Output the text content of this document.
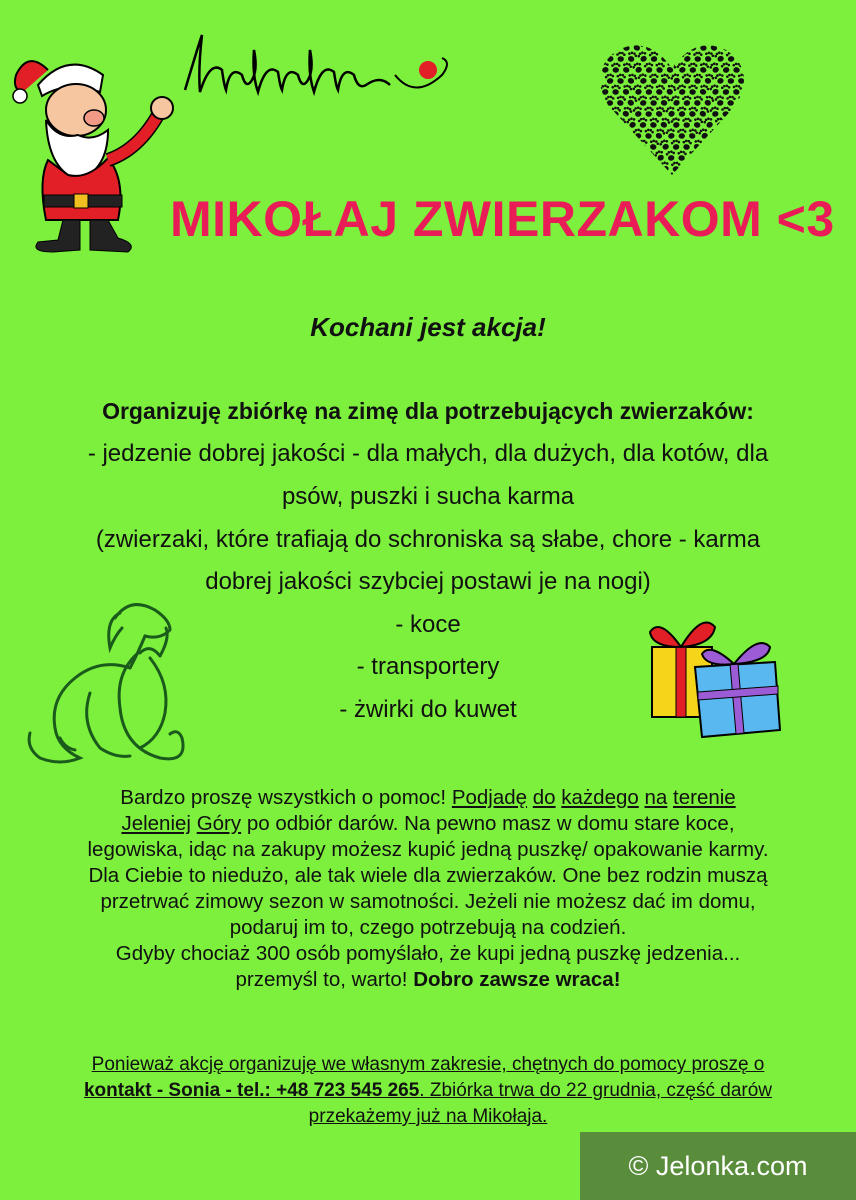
MIKOŁAJ ZWIERZAKOM <3
Kochani jest akcja!
Organizuję zbiórkę na zimę dla potrzebujących zwierzaków:
- jedzenie dobrej jakości - dla małych, dla dużych, dla kotów, dla
psów, puszki i sucha karma
(zwierzaki, które trafiają do schroniska są słabe, chore - karma
dobrej jakości szybciej postawi je na nogi)
- koce
- transportery
- żwirki do kuwet
Bardzo proszę wszystkich o pomoc! Podjadę do każdego na terenie
Jeleniej Góry po odbiór darów. Na pewno masz w domu stare koce,
legowiska, idąc na zakupy możesz kupić jedną puszkę/ opakowanie karmy.
Dla Ciebie to niedużo, ale tak wiele dla zwierzaków. One bez rodzin muszą
przetrwać zimowy sezon w samotności. Jeżeli nie możesz dać im domu,
podaruj im to, czego potrzebują na codzień.
Gdyby chociaż 300 osób pomyślało, że kupi jedną puszkę jedzenia...
przemyśl to, warto! Dobro zawsze wraca!
Ponieważ akcję organizuję we własnym zakresie, chętnych do pomocy proszę o
kontakt - Sonia - tel.: +48 723 545 265. Zbiórka trwa do 22 grudnia, część darów
przekażemy już na Mikołaja.
© Jelonka.com
